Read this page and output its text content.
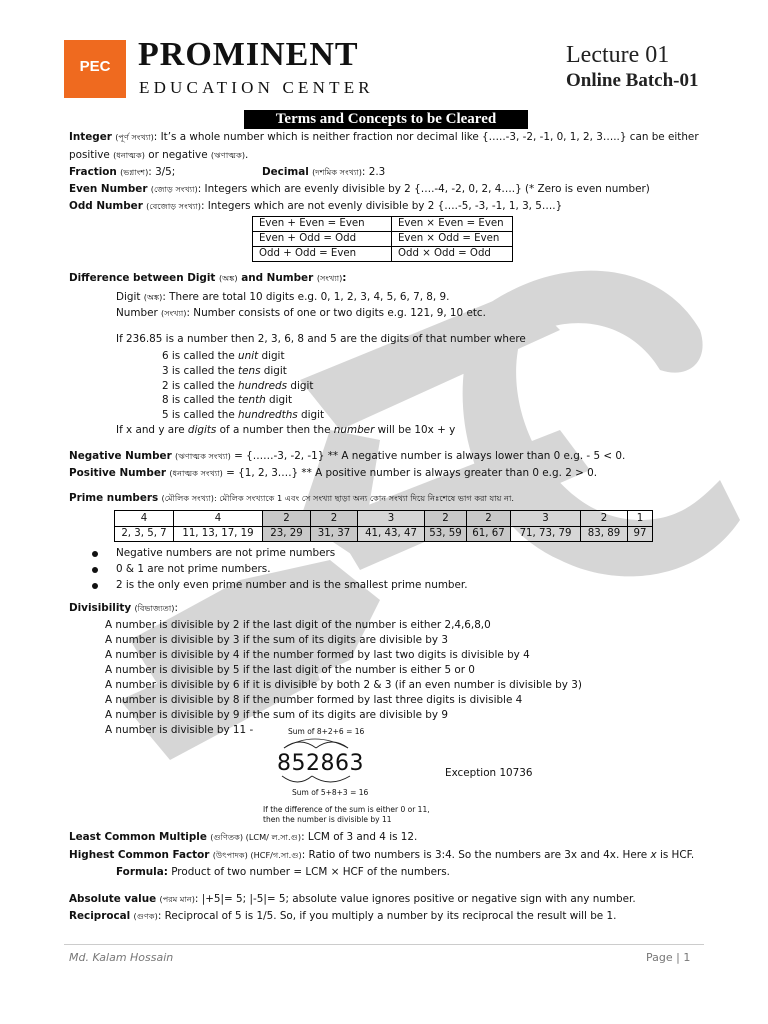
PEC PROMINENT
EDUCATION CENTER
Lecture 01
Online Batch-01
Terms and Concepts to be Cleared
Integer (পূর্ণ সংখ্যা): It’s a whole number which is neither fraction nor decimal like {…..-3, -2, -1, 0, 1, 2, 3…..} can be either
positive (ধনাত্মক) or negative (ঋণাত্মক).
Fraction (ভগ্নাংশ): 3/5;	Decimal (দশমিক সংখ্যা): 2.3
Even Number (জোড় সংখ্যা): Integers which are evenly divisible by 2 {….-4, -2, 0, 2, 4….} (* Zero is even number)
Odd Number (বেজোড় সংখ্যা): Integers which are not evenly divisible by 2 {….-5, -3, -1, 1, 3, 5….}
Even + Even = Even	Even × Even = Even
Even + Odd = Odd	Even × Odd = Even
Odd + Odd = Even	Odd × Odd = Odd
Difference between Digit (অঙ্ক) and Number (সংখ্যা):
Digit (অঙ্ক): There are total 10 digits e.g. 0, 1, 2, 3, 4, 5, 6, 7, 8, 9.
Number (সংখ্যা): Number consists of one or two digits e.g. 121, 9, 10 etc.
If 236.85 is a number then 2, 3, 6, 8 and 5 are the digits of that number where
6 is called the unit digit
3 is called the tens digit
2 is called the hundreds digit
8 is called the tenth digit
5 is called the hundredths digit
If x and y are digits of a number then the number will be 10x + y
Negative Number (ঋণাত্মক সংখ্যা) = {……-3, -2, -1} ** A negative number is always lower than 0 e.g. - 5 < 0.
Positive Number (ধনাত্মক সংখ্যা) = {1, 2, 3….} ** A positive number is always greater than 0 e.g. 2 > 0.
Prime numbers (মৌলিক সংখ্যা): মৌলিক সংখ্যাকে 1 এবং সে সংখ্যা ছাড়া অন্য কোন সংখ্যা দিয়ে নিঃশেষে ভাগ করা যায় না.
4	4	2	2	3	2	2	3	2	1
2, 3, 5, 7	11, 13, 17, 19	23, 29	31, 37	41, 43, 47	53, 59	61, 67	71, 73, 79	83, 89	97
Negative numbers are not prime numbers
0 & 1 are not prime numbers.
2 is the only even prime number and is the smallest prime number.
Divisibility (বিভাজ্যতা):
A number is divisible by 2 if the last digit of the number is either 2,4,6,8,0
A number is divisible by 3 if the sum of its digits are divisible by 3
A number is divisible by 4 if the number formed by last two digits is divisible by 4
A number is divisible by 5 if the last digit of the number is either 5 or 0
A number is divisible by 6 if it is divisible by both 2 & 3 (if an even number is divisible by 3)
A number is divisible by 8 if the number formed by last three digits is divisible 4
A number is divisible by 9 if the sum of its digits are divisible by 9
A number is divisible by 11 -	Sum of 8+2+6 = 16
852863
Sum of 5+8+3 = 16
If the difference of the sum is either 0 or 11,
then the number is divisible by 11
Exception 10736
Least Common Multiple (গুণিতক) (LCM/ ল.সা.গু): LCM of 3 and 4 is 12.
Highest Common Factor (উৎপাদক) (HCF/গ.সা.গু): Ratio of two numbers is 3:4. So the numbers are 3x and 4x. Here x is HCF.
Formula: Product of two number = LCM × HCF of the numbers.
Absolute value (পরম মান): |+5|= 5; |-5|= 5; absolute value ignores positive or negative sign with any number.
Reciprocal (গুণক): Reciprocal of 5 is 1/5. So, if you multiply a number by its reciprocal the result will be 1.
Md. Kalam Hossain	Page | 1
